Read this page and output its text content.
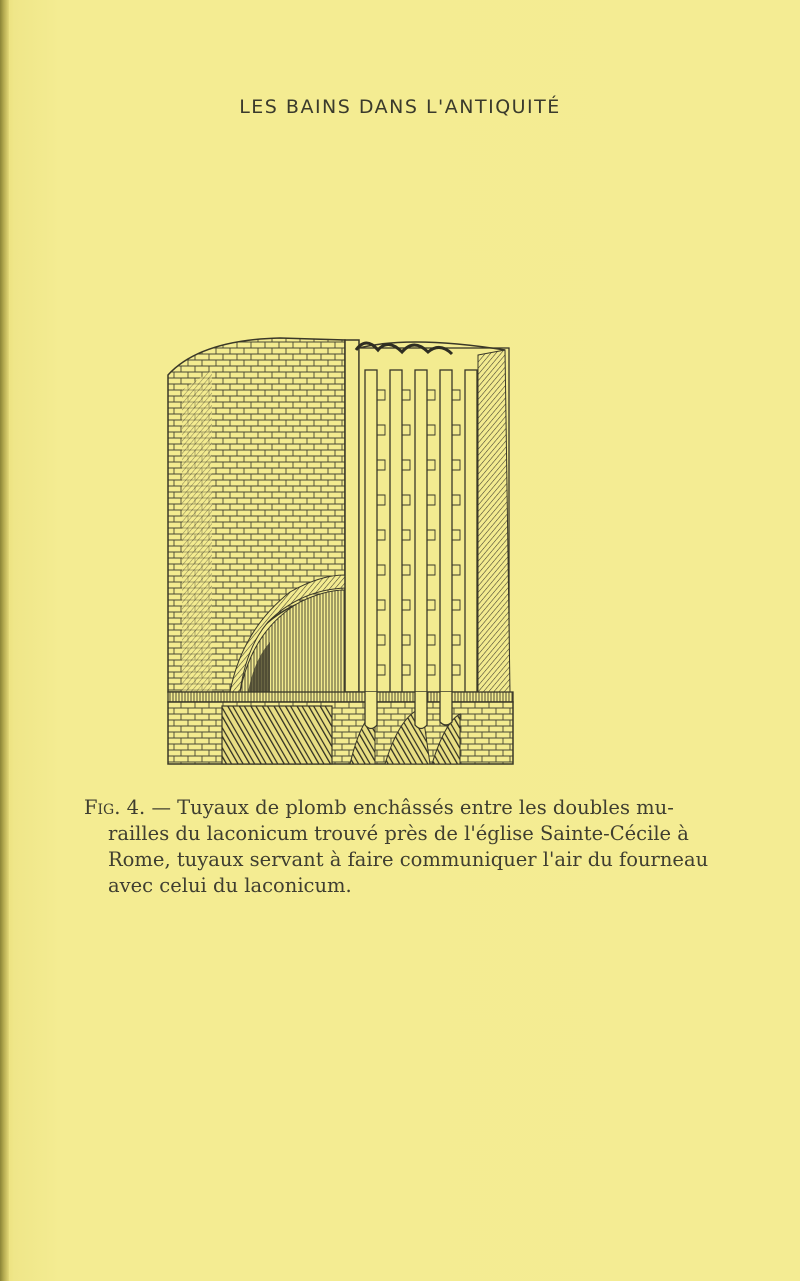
LES BAINS DANS L'ANTIQUITÉ

Fig. 4. — Tuyaux de plomb enchâssés entre les doubles mu-
railles du laconicum trouvé près de l'église Sainte-Cécile à
Rome, tuyaux servant à faire communiquer l'air du fourneau
avec celui du laconicum.
